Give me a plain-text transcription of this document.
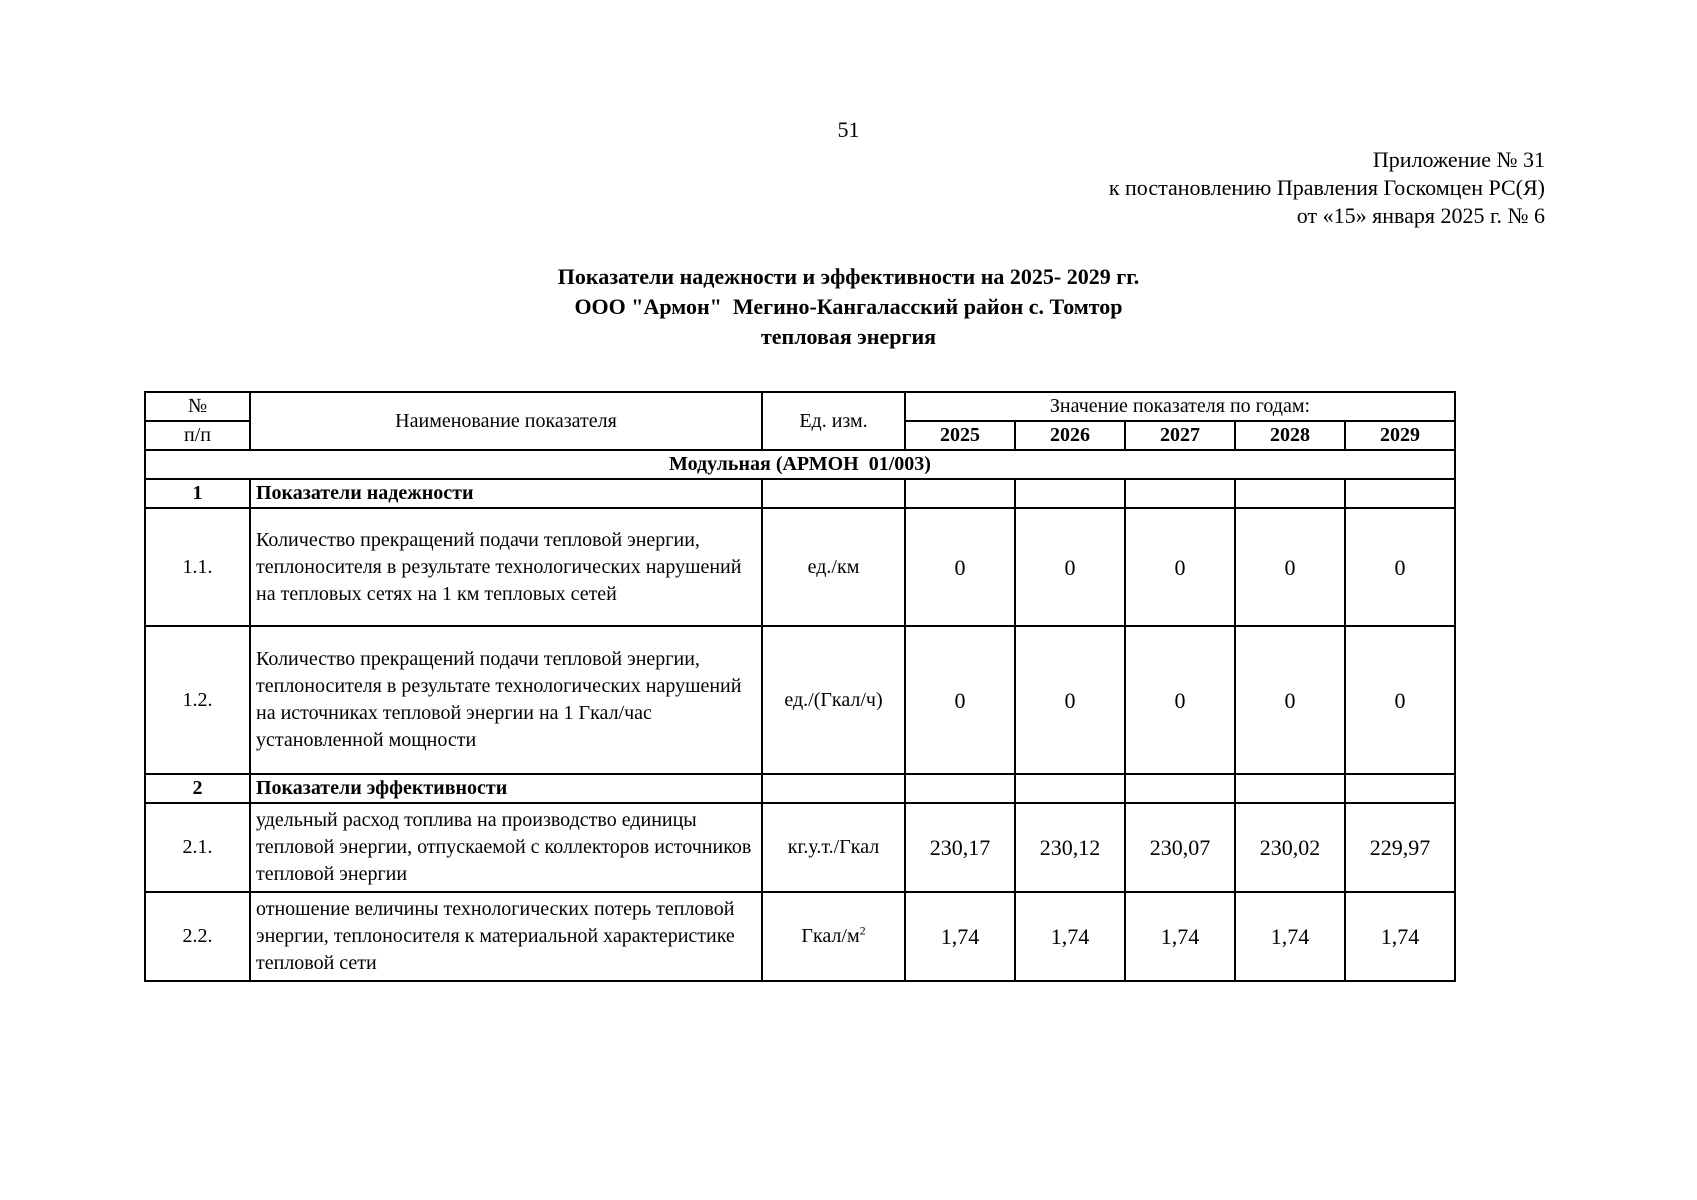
51
Приложение № 31
к постановлению Правления Госкомцен РС(Я)
от «15» января 2025 г. № 6
Показатели надежности и эффективности на 2025- 2029 гг.
ООО "Армон"  Мегино-Кангаласский район с. Томтор
тепловая энергия
№	Наименование показателя	Ед. изм.	Значение показателя по годам:				
п/п			2025	2026	2027	2028	2029
Модульная (АРМОН  01/003)							
1	Показатели надежности						
1.1.	Количество прекращений подачи тепловой энергии, теплоносителя в результате технологических нарушений на тепловых сетях на 1 км тепловых сетей	ед./км	0	0	0	0	0
1.2.	Количество прекращений подачи тепловой энергии, теплоносителя в результате технологических нарушений на источниках тепловой энергии на 1 Гкал/час установленной мощности	ед./(Гкал/ч)	0	0	0	0	0
2	Показатели эффективности						
2.1.	удельный расход топлива на производство единицы тепловой энергии, отпускаемой с коллекторов источников тепловой энергии	кг.у.т./Гкал	230,17	230,12	230,07	230,02	229,97
2.2.	отношение величины технологических потерь тепловой энергии, теплоносителя к материальной характеристике тепловой сети	Гкал/$м^2$	1,74	1,74	1,74	1,74	1,74
